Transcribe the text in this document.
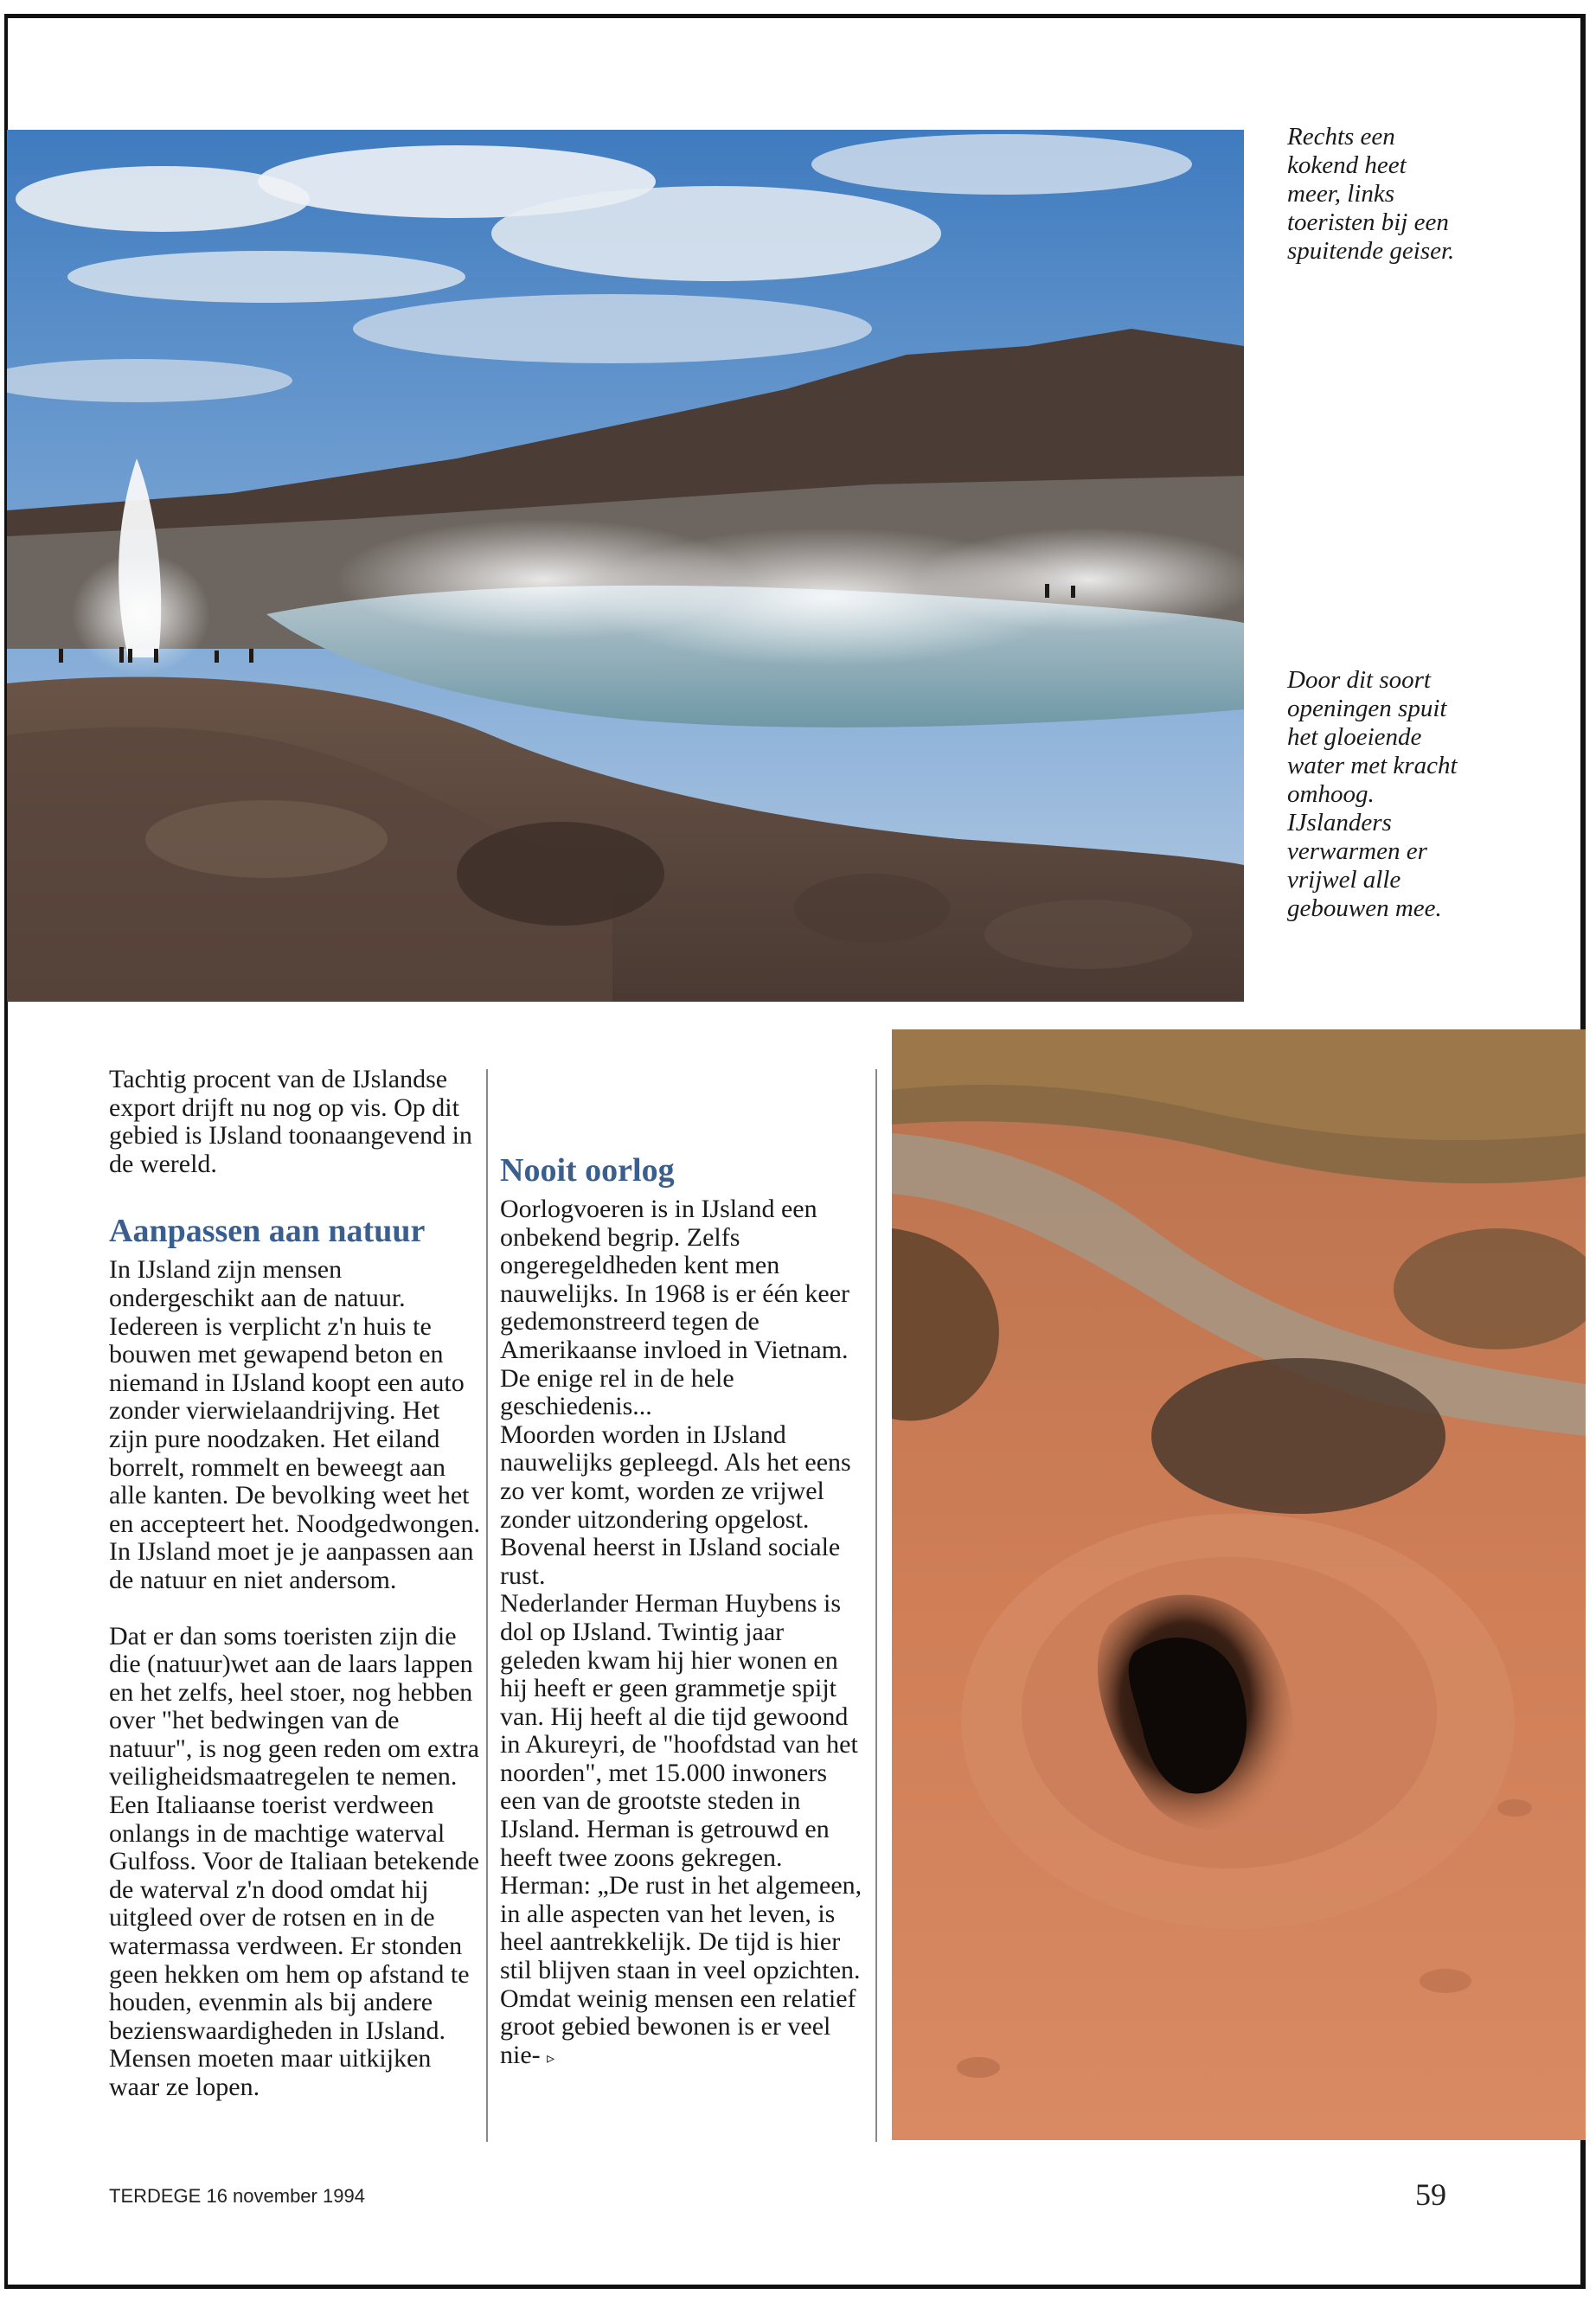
Rechts een kokend heet meer, links toeristen bij een spuitende geiser.
Door dit soort openingen spuit het gloeiende water met kracht omhoog. IJslanders verwarmen er vrijwel alle gebouwen mee.

Tachtig procent van de IJslandse export drijft nu nog op vis. Op dit gebied is IJsland toonaangevend in de wereld.

Aanpassen aan natuur

In IJsland zijn mensen ondergeschikt aan de natuur. Iedereen is verplicht z'n huis te bouwen met gewapend beton en niemand in IJsland koopt een auto zonder vierwielaandrijving. Het zijn pure noodzaken. Het eiland borrelt, rommelt en beweegt aan alle kanten. De bevolking weet het en accepteert het. Noodgedwongen. In IJsland moet je je aanpassen aan de natuur en niet andersom.

Dat er dan soms toeristen zijn die die (natuur)wet aan de laars lappen en het zelfs, heel stoer, nog hebben over "het bedwingen van de natuur", is nog geen reden om extra veiligheidsmaatregelen te nemen. Een Italiaanse toerist verdween onlangs in de machtige waterval Gulfoss. Voor de Italiaan betekende de waterval z'n dood omdat hij uitgleed over de rotsen en in de watermassa verdween. Er stonden geen hekken om hem op afstand te houden, evenmin als bij andere bezienswaardigheden in IJsland. Mensen moeten maar uitkijken waar ze lopen.

Nooit oorlog

Oorlogvoeren is in IJsland een onbekend begrip. Zelfs ongeregeldheden kent men nauwelijks. In 1968 is er één keer gedemonstreerd tegen de Amerikaanse invloed in Vietnam. De enige rel in de hele geschiedenis...

Moorden worden in IJsland nauwelijks gepleegd. Als het eens zo ver komt, worden ze vrijwel zonder uitzondering opgelost.

Bovenal heerst in IJsland sociale rust.

Nederlander Herman Huybens is dol op IJsland. Twintig jaar geleden kwam hij hier wonen en hij heeft er geen grammetje spijt van. Hij heeft al die tijd gewoond in Akureyri, de "hoofdstad van het noorden", met 15.000 inwoners een van de grootste steden in IJsland. Herman is getrouwd en heeft twee zoons gekregen.

Herman: „De rust in het algemeen, in alle aspecten van het leven, is heel aantrekkelijk. De tijd is hier stil blijven staan in veel opzichten. Omdat weinig mensen een relatief groot gebied bewonen is er veel nie- ▹

TERDEGE 16 november 1994	59
